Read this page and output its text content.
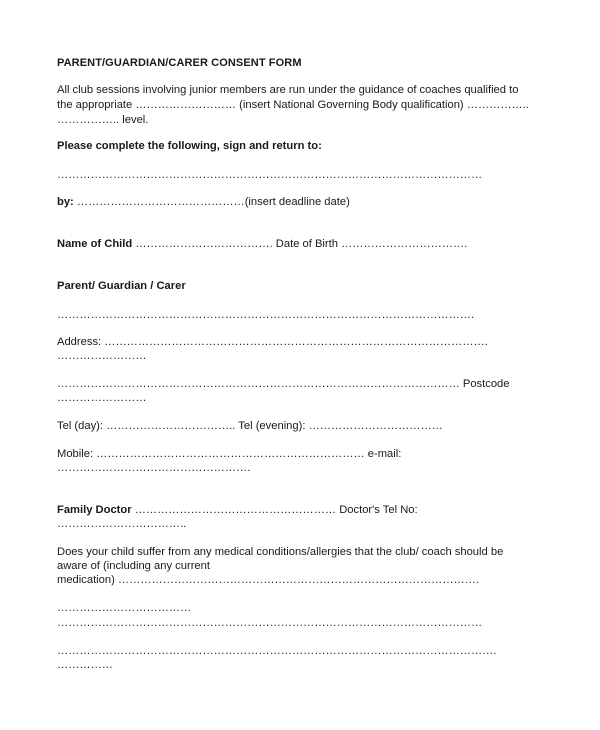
PARENT/GUARDIAN/CARER CONSENT FORM
All club sessions involving junior members are run under the guidance of coaches qualified to
the appropriate ……………………… (insert National Governing Body qualification) ……………..
…………….. level.
Please complete the following, sign and return to:
……………………………………………………………………………………………………
by: ………………………………………(insert deadline date)
Name of Child ………………………………. Date of Birth …………………………….
Parent/ Guardian / Carer
………………………………………………………………………………………………….
Address: ………………………………………………………………………………………….
……………………
……………………………………………………………………………………………… Postcode
……………………
Tel (day): …………………………….. Tel (evening): ………………………………
Mobile: ……………………………………………………………… e-mail:
…………………………………………….
Family Doctor ……………………………………………… Doctor's Tel No:
……………………………..
Does your child suffer from any medical conditions/allergies that the club/ coach should be
aware of (including any current
medication) …………………………………………………………………………………….
………………………………
……………………………………………………………………………………………………
……………………………………………………………………………………………………….
……………
